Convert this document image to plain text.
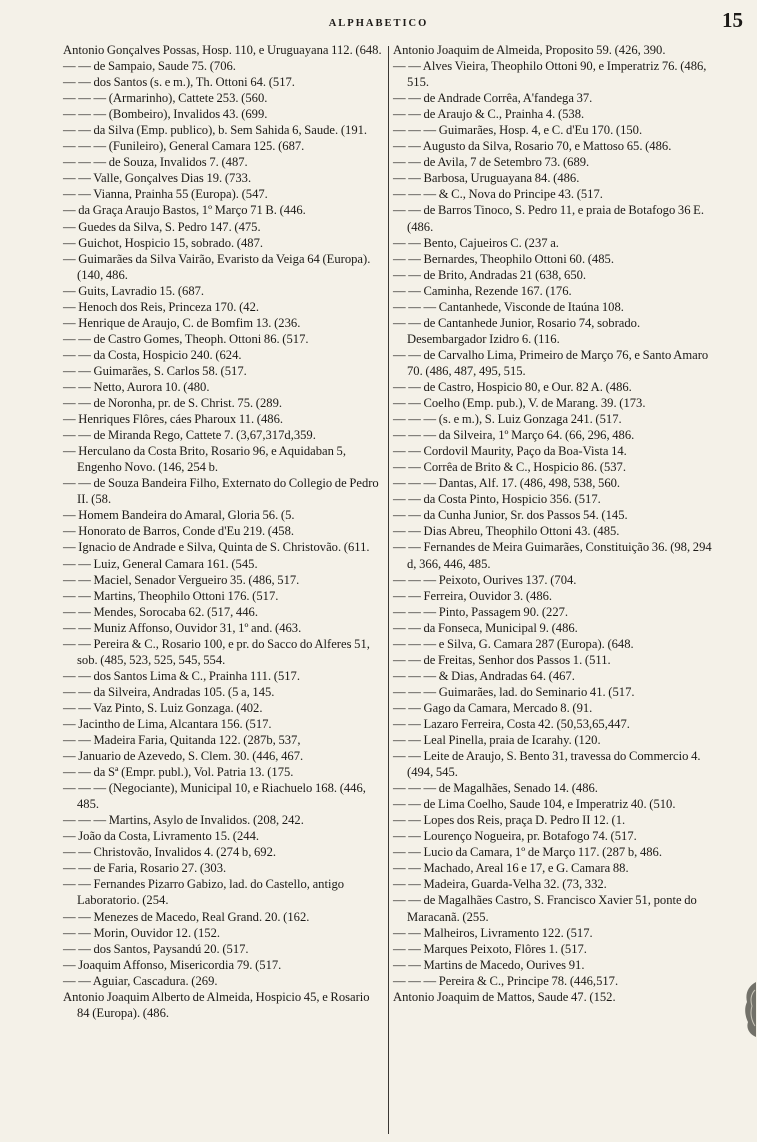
ALPHABETICO	15
Antonio Gonçalves Possas, Hosp. 110, e Uruguayana 112. (648.
— — de Sampaio, Saude 75. (706.
— — dos Santos (s. e m.), Th. Ottoni 64. (517.
— — — (Armarinho), Cattete 253. (560.
— — — (Bombeiro), Invalidos 43. (699.
— — da Silva (Emp. publico), b. Sem Sahida 6, Saude. (191.
— — — (Funileiro), General Camara 125. (687.
— — — de Souza, Invalidos 7. (487.
— — Valle, Gonçalves Dias 19. (733.
— — Vianna, Prainha 55 (Europa). (547.
— da Graça Araujo Bastos, 1º Março 71 B. (446.
— Guedes da Silva, S. Pedro 147. (475.
— Guichot, Hospicio 15, sobrado. (487.
— Guimarães da Silva Vairão, Evaristo da Veiga 64 (Europa). (140, 486.
— Guits, Lavradio 15. (687.
— Henoch dos Reis, Princeza 170. (42.
— Henrique de Araujo, C. de Bomfim 13. (236.
— — de Castro Gomes, Theoph. Ottoni 86. (517.
— — da Costa, Hospicio 240. (624.
— — Guimarães, S. Carlos 58. (517.
— — Netto, Aurora 10. (480.
— — de Noronha, pr. de S. Christ. 75. (289.
— Henriques Flôres, cáes Pharoux 11. (486.
— — de Miranda Rego, Cattete 7. (3,67,317d,359.
— Herculano da Costa Brito, Rosario 96, e Aquidaban 5, Engenho Novo. (146, 254 b.
— — de Souza Bandeira Filho, Externato do Collegio de Pedro II. (58.
— Homem Bandeira do Amaral, Gloria 56. (5.
— Honorato de Barros, Conde d'Eu 219. (458.
— Ignacio de Andrade e Silva, Quinta de S. Christovão. (611.
— — Luiz, General Camara 161. (545.
— — Maciel, Senador Vergueiro 35. (486, 517.
— — Martins, Theophilo Ottoni 176. (517.
— — Mendes, Sorocaba 62. (517, 446.
— — Muniz Affonso, Ouvidor 31, 1º and. (463.
— — Pereira & C., Rosario 100, e pr. do Sacco do Alferes 51, sob. (485, 523, 525, 545, 554.
— — dos Santos Lima & C., Prainha 111. (517.
— — da Silveira, Andradas 105. (5 a, 145.
— — Vaz Pinto, S. Luiz Gonzaga. (402.
— Jacintho de Lima, Alcantara 156. (517.
— — Madeira Faria, Quitanda 122. (287b, 537,
— Januario de Azevedo, S. Clem. 30. (446, 467.
— — da Sª (Empr. publ.), Vol. Patria 13. (175.
— — — (Negociante), Municipal 10, e Riachuelo 168. (446, 485.
— — — Martins, Asylo de Invalidos. (208, 242.
— João da Costa, Livramento 15. (244.
— — Christovão, Invalidos 4. (274 b, 692.
— — de Faria, Rosario 27. (303.
— — Fernandes Pizarro Gabizo, lad. do Castello, antigo Laboratorio. (254.
— — Menezes de Macedo, Real Grand. 20. (162.
— — Morin, Ouvidor 12. (152.
— — dos Santos, Paysandú 20. (517.
— Joaquim Affonso, Misericordia 79. (517.
— — Aguiar, Cascadura. (269.
Antonio Joaquim Alberto de Almeida, Hospicio 45, e Rosario 84 (Europa). (486.
Antonio Joaquim de Almeida, Proposito 59. (426, 390.
— — Alves Vieira, Theophilo Ottoni 90, e Imperatriz 76. (486, 515.
— — de Andrade Corrêa, A'fandega 37.
— — de Araujo & C., Prainha 4. (538.
— — — Guimarães, Hosp. 4, e C. d'Eu 170. (150.
— — Augusto da Silva, Rosario 70, e Mattoso 65. (486.
— — de Avila, 7 de Setembro 73. (689.
— — Barbosa, Uruguayana 84. (486.
— — — & C., Nova do Principe 43. (517.
— — de Barros Tinoco, S. Pedro 11, e praia de Botafogo 36 E. (486.
— — Bento, Cajueiros C. (237 a.
— — Bernardes, Theophilo Ottoni 60. (485.
— — de Brito, Andradas 21 (638, 650.
— — Caminha, Rezende 167. (176.
— — — Cantanhede, Visconde de Itaúna 108.
— — de Cantanhede Junior, Rosario 74, sobrado. Desembargador Izidro 6. (116.
— — de Carvalho Lima, Primeiro de Março 76, e Santo Amaro 70. (486, 487, 495, 515.
— — de Castro, Hospicio 80, e Our. 82 A. (486.
— — Coelho (Emp. pub.), V. de Marang. 39. (173.
— — — (s. e m.), S. Luiz Gonzaga 241. (517.
— — — da Silveira, 1º Março 64. (66, 296, 486.
— — Cordovil Maurity, Paço da Boa-Vista 14.
— — Corrêa de Brito & C., Hospicio 86. (537.
— — — Dantas, Alf. 17. (486, 498, 538, 560.
— — da Costa Pinto, Hospicio 356. (517.
— — da Cunha Junior, Sr. dos Passos 54. (145.
— — Dias Abreu, Theophilo Ottoni 43. (485.
— — Fernandes de Meira Guimarães, Constituição 36. (98, 294 d, 366, 446, 485.
— — — Peixoto, Ourives 137. (704.
— — Ferreira, Ouvidor 3. (486.
— — — Pinto, Passagem 90. (227.
— — da Fonseca, Municipal 9. (486.
— — — e Silva, G. Camara 287 (Europa). (648.
— — de Freitas, Senhor dos Passos 1. (511.
— — — & Dias, Andradas 64. (467.
— — — Guimarães, lad. do Seminario 41. (517.
— — Gago da Camara, Mercado 8. (91.
— — Lazaro Ferreira, Costa 42. (50,53,65,447.
— — Leal Pinella, praia de Icarahy. (120.
— — Leite de Araujo, S. Bento 31, travessa do Commercio 4. (494, 545.
— — — de Magalhães, Senado 14. (486.
— — de Lima Coelho, Saude 104, e Imperatriz 40. (510.
— — Lopes dos Reis, praça D. Pedro II 12. (1.
— — Lourenço Nogueira, pr. Botafogo 74. (517.
— — Lucio da Camara, 1º de Março 117. (287 b, 486.
— — Machado, Areal 16 e 17, e G. Camara 88.
— — Madeira, Guarda-Velha 32. (73, 332.
— — de Magalhães Castro, S. Francisco Xavier 51, ponte do Maracanã. (255.
— — Malheiros, Livramento 122. (517.
— — Marques Peixoto, Flôres 1. (517.
— — Martins de Macedo, Ourives 91.
— — — Pereira & C., Principe 78. (446,517.
Antonio Joaquim de Mattos, Saude 47. (152.
